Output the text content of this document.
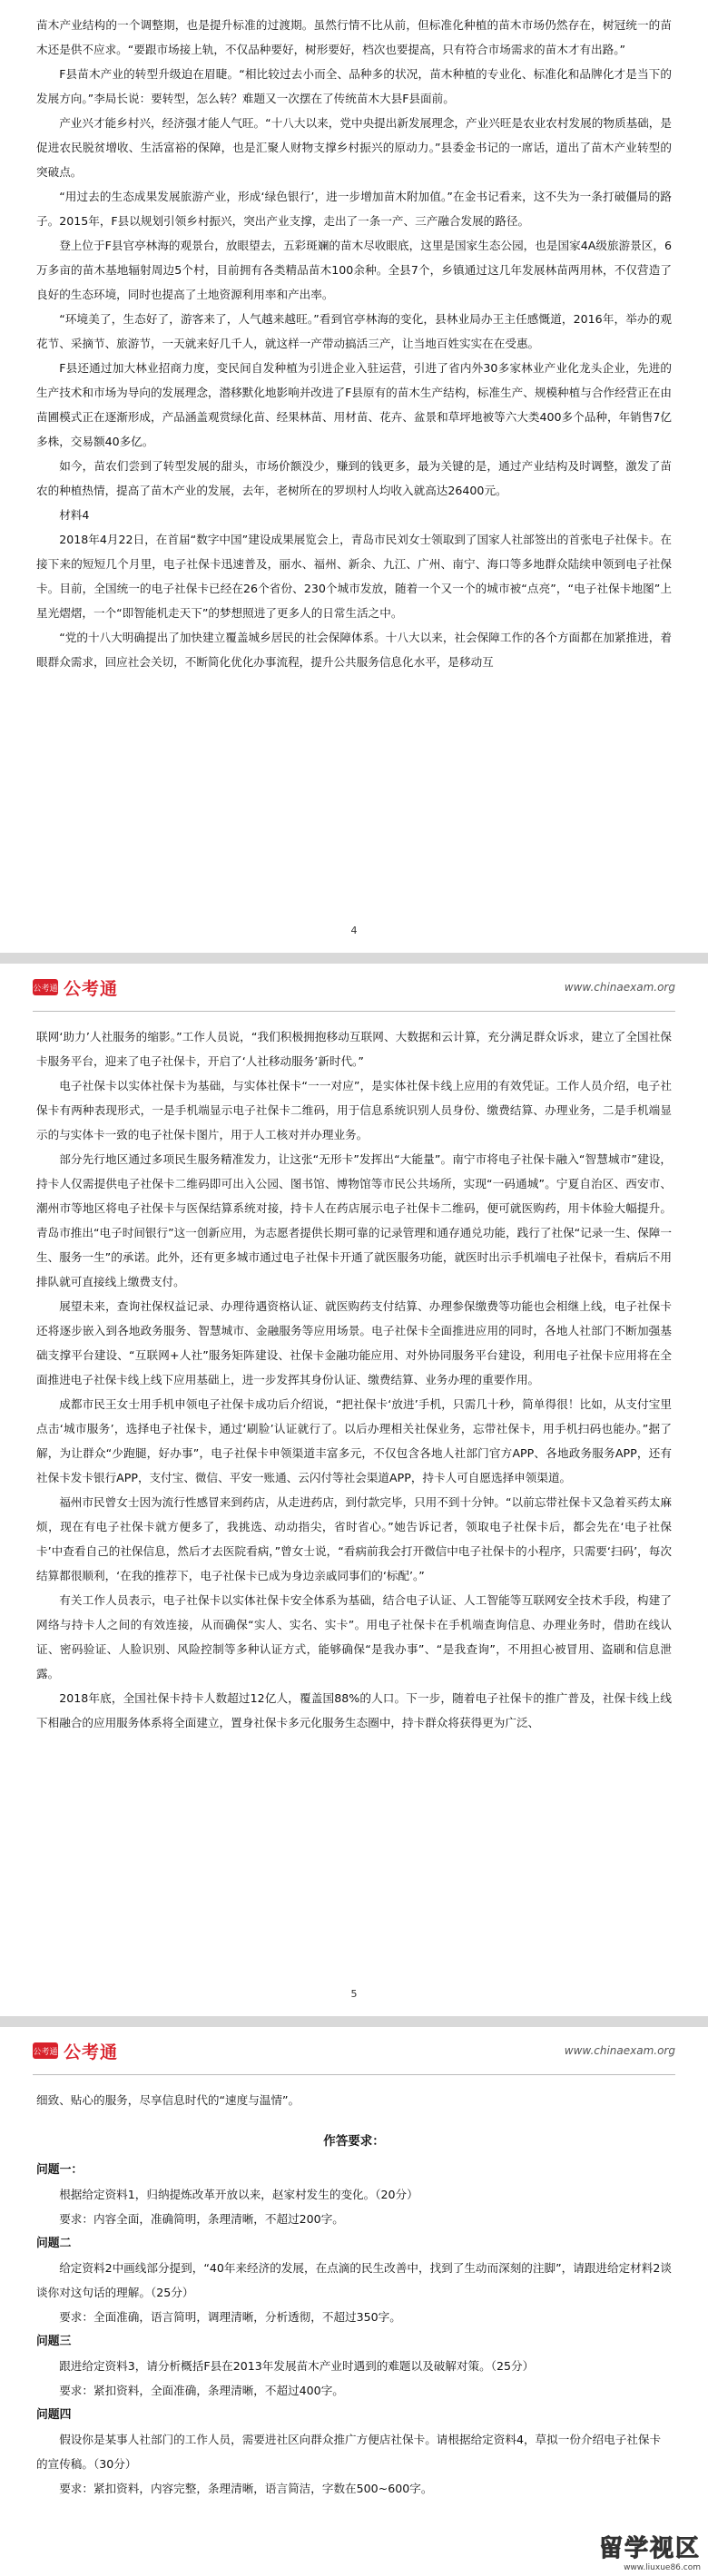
苗木产业结构的一个调整期，也是提升标准的过渡期。虽然行情不比从前，但标准化种植的苗木市场仍然存在，树冠统一的苗木还是供不应求。“要跟市场接上轨，不仅品种要好，树形要好，档次也要提高，只有符合市场需求的苗木才有出路。”

F县苗木产业的转型升级迫在眉睫。“相比较过去小而全、品种多的状况，苗木种植的专业化、标准化和品牌化才是当下的发展方向。”李局长说：要转型，怎么转？难题又一次摆在了传统苗木大县F县面前。

产业兴才能乡村兴，经济强才能人气旺。“十八大以来，党中央提出新发展理念，产业兴旺是农业农村发展的物质基础，是促进农民脱贫增收、生活富裕的保障，也是汇聚人财物支撑乡村振兴的原动力。”县委金书记的一席话，道出了苗木产业转型的突破点。

“用过去的生态成果发展旅游产业，形成‘绿色银行’，进一步增加苗木附加值。”在金书记看来，这不失为一条打破僵局的路子。2015年，F县以规划引领乡村振兴，突出产业支撑，走出了一条一产、三产融合发展的路径。

登上位于F县官亭林海的观景台，放眼望去，五彩斑斓的苗木尽收眼底，这里是国家生态公园，也是国家4A级旅游景区，6万多亩的苗木基地辐射周边5个村，目前拥有各类精品苗木100余种。全县7个，乡镇通过这几年发展林苗两用林，不仅营造了良好的生态环境，同时也提高了土地资源利用率和产出率。

“环境美了，生态好了，游客来了，人气越来越旺。”看到官亭林海的变化，县林业局办王主任感慨道，2016年，举办的观花节、采摘节、旅游节，一天就来好几千人，就这样一产带动搞活三产，让当地百姓实实在在受惠。

F县还通过加大林业招商力度，变民间自发种植为引进企业入驻运营，引进了省内外30多家林业产业化龙头企业，先进的生产技术和市场为导向的发展理念，潜移默化地影响并改进了F县原有的苗木生产结构，标准生产、规模种植与合作经营正在由苗圃模式正在逐渐形成，产品涵盖观赏绿化苗、经果林苗、用材苗、花卉、盆景和草坪地被等六大类400多个品种，年销售7亿多株，交易额40多亿。

如今，苗农们尝到了转型发展的甜头，市场价额没少，赚到的钱更多，最为关键的是，通过产业结构及时调整，激发了苗农的种植热情，提高了苗木产业的发展，去年，老树所在的罗坝村人均收入就高达26400元。

材料4

2018年4月22日，在首届“数字中国”建设成果展览会上，青岛市民刘女士领取到了国家人社部签出的首张电子社保卡。在接下来的短短几个月里，电子社保卡迅速普及，丽水、福州、新余、九江、广州、南宁、海口等多地群众陆续申领到电子社保卡。目前，全国统一的电子社保卡已经在26个省份、230个城市发放，随着一个又一个的城市被“点亮”，“电子社保卡地图”上星光熠熠，一个“即智能机走天下”的梦想照进了更多人的日常生活之中。

“党的十八大明确提出了加快建立覆盖城乡居民的社会保障体系。十八大以来，社会保障工作的各个方面都在加紧推进，着眼群众需求，回应社会关切，不断简化优化办事流程，提升公共服务信息化水平，是移动互

4
公考通 公考通	www.chinaexam.org

联网‘助力’人社服务的缩影。”工作人员说，“我们积极拥抱移动互联网、大数据和云计算，充分满足群众诉求，建立了全国社保卡服务平台，迎来了电子社保卡，开启了‘人社移动服务’新时代。”

电子社保卡以实体社保卡为基础，与实体社保卡“一一对应”，是实体社保卡线上应用的有效凭证。工作人员介绍，电子社保卡有两种表现形式，一是手机端显示电子社保卡二维码，用于信息系统识别人员身份、缴费结算、办理业务，二是手机端显示的与实体卡一致的电子社保卡图片，用于人工核对并办理业务。

部分先行地区通过多项民生服务精准发力，让这张“无形卡”发挥出“大能量”。南宁市将电子社保卡融入“智慧城市”建设，持卡人仅需提供电子社保卡二维码即可出入公园、图书馆、博物馆等市民公共场所，实现“一码通城”。宁夏自治区、西安市、潮州市等地区将电子社保卡与医保结算系统对接，持卡人在药店展示电子社保卡二维码，便可就医购药，用卡体验大幅提升。青岛市推出“电子时间银行”这一创新应用，为志愿者提供长期可靠的记录管理和通存通兑功能，践行了社保“记录一生、保障一生、服务一生”的承诺。此外，还有更多城市通过电子社保卡开通了就医服务功能，就医时出示手机端电子社保卡，看病后不用排队就可直接线上缴费支付。

展望未来，查询社保权益记录、办理待遇资格认证、就医购药支付结算、办理参保缴费等功能也会相继上线，电子社保卡还将逐步嵌入到各地政务服务、智慧城市、金融服务等应用场景。电子社保卡全面推进应用的同时，各地人社部门不断加强基础支撑平台建设、“互联网+人社”服务矩阵建设、社保卡金融功能应用、对外协同服务平台建设，利用电子社保卡应用将在全面推进电子社保卡线上线下应用基础上，进一步发挥其身份认证、缴费结算、业务办理的重要作用。

成都市民王女士用手机申领电子社保卡成功后介绍说，“把社保卡‘放进’手机，只需几十秒，简单得很！比如，从支付宝里点击‘城市服务’，选择电子社保卡，通过‘刷脸’认证就行了。以后办理相关社保业务，忘带社保卡，用手机扫码也能办。”据了解，为让群众“少跑腿，好办事”，电子社保卡申领渠道丰富多元，不仅包含各地人社部门官方APP、各地政务服务APP，还有社保卡发卡银行APP，支付宝、微信、平安一账通、云闪付等社会渠道APP，持卡人可自愿选择申领渠道。

福州市民曾女士因为流行性感冒来到药店，从走进药店，到付款完毕，只用不到十分钟。“以前忘带社保卡又急着买药太麻烦，现在有电子社保卡就方便多了，我挑选、动动指尖，省时省心。”她告诉记者，领取电子社保卡后，都会先在‘电子社保卡’中查看自己的社保信息，然后才去医院看病，”曾女士说，“看病前我会打开微信中电子社保卡的小程序，只需要‘扫码’，每次结算都很顺利，‘在我的推荐下，电子社保卡已成为身边亲戚同事们的‘标配’。”

有关工作人员表示，电子社保卡以实体社保卡安全体系为基础，结合电子认证、人工智能等互联网安全技术手段，构建了网络与持卡人之间的有效连接，从而确保“实人、实名、实卡”。用电子社保卡在手机端查询信息、办理业务时，借助在线认证、密码验证、人脸识别、风险控制等多种认证方式，能够确保“是我办事”、“是我查询”，不用担心被冒用、盗刷和信息泄露。

2018年底，全国社保卡持卡人数超过12亿人，覆盖国88%的人口。下一步，随着电子社保卡的推广普及，社保卡线上线下相融合的应用服务体系将全面建立，置身社保卡多元化服务生态圈中，持卡群众将获得更为广泛、

5
公考通 公考通	www.chinaexam.org

细致、贴心的服务，尽享信息时代的“速度与温情”。

作答要求：

问题一：

根据给定资料1，归纳提炼改革开放以来，赵家村发生的变化。（20分）

要求：内容全面，准确简明，条理清晰，不超过200字。

问题二

给定资料2中画线部分提到，“40年来经济的发展，在点滴的民生改善中，找到了生动而深刻的注脚”，请跟进给定材料2谈谈你对这句话的理解。（25分）

要求：全面准确，语言简明，调理清晰，分析透彻，不超过350字。

问题三

跟进给定资料3，请分析概括F县在2013年发展苗木产业时遇到的难题以及破解对策。（25分）

要求：紧扣资料，全面准确，条理清晰，不超过400字。

问题四

假设你是某事人社部门的工作人员，需要进社区向群众推广方便店社保卡。请根据给定资料4，草拟一份介绍电子社保卡的宣传稿。（30分）

要求：紧扣资料，内容完整，条理清晰，语言简洁，字数在500~600字。

留学视区
www.liuxue86.com
